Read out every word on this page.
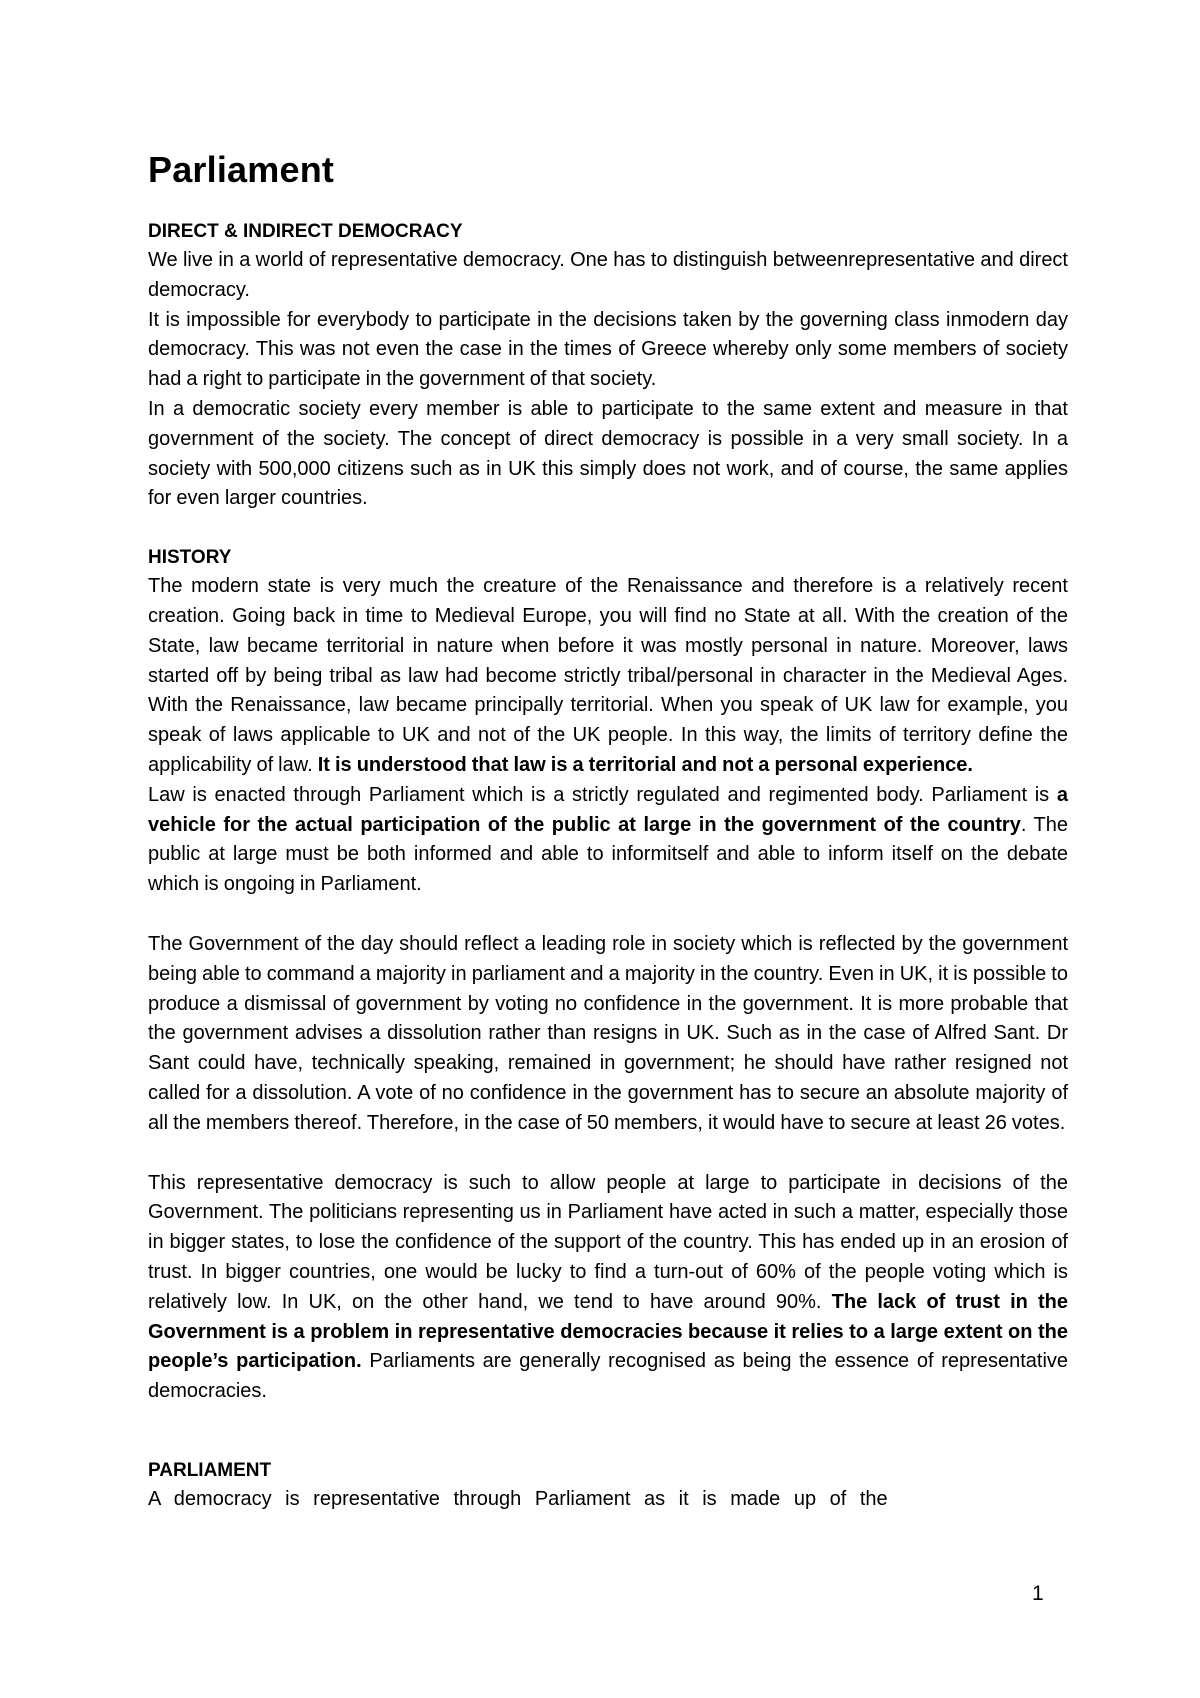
Parliament

DIRECT & INDIRECT DEMOCRACY

We live in a world of representative democracy. One has to distinguish betweenrepresentative and direct democracy.

It is impossible for everybody to participate in the decisions taken by the governing class inmodern day democracy. This was not even the case in the times of Greece whereby only some members of society had a right to participate in the government of that society.

In a democratic society every member is able to participate to the same extent and measure in that government of the society. The concept of direct democracy is possible in a very small society. In a society with 500,000 citizens such as in UK this simply does not work, and of course, the same applies for even larger countries.

HISTORY

The modern state is very much the creature of the Renaissance and therefore is a relatively recent creation. Going back in time to Medieval Europe, you will find no State at all. With the creation of the State, law became territorial in nature when before it was mostly personal in nature. Moreover, laws started off by being tribal as law had become strictly tribal/personal in character in the Medieval Ages. With the Renaissance, law became principally territorial. When you speak of UK law for example, you speak of laws applicable to UK and not of the UK people. In this way, the limits of territory define the applicability of law. It is understood that law is a territorial and not a personal experience.

Law is enacted through Parliament which is a strictly regulated and regimented body. Parliament is a vehicle for the actual participation of the public at large in the government of the country. The public at large must be both informed and able to informitself and able to inform itself on the debate which is ongoing in Parliament.

The Government of the day should reflect a leading role in society which is reflected by the government being able to command a majority in parliament and a majority in the country. Even in UK, it is possible to produce a dismissal of government by voting no confidence in the government. It is more probable that the government advises a dissolution rather than resigns in UK. Such as in the case of Alfred Sant. Dr Sant could have, technically speaking, remained in government; he should have rather resigned not called for a dissolution. A vote of no confidence in the government has to secure an absolute majority of all the members thereof. Therefore, in the case of 50 members, it would have to secure at least 26 votes.

This representative democracy is such to allow people at large to participate in decisions of the Government. The politicians representing us in Parliament have acted in such a matter, especially those in bigger states, to lose the confidence of the support of the country. This has ended up in an erosion of trust. In bigger countries, one would be lucky to find a turn-out of 60% of the people voting which is relatively low. In UK, on the other hand, we tend to have around 90%. The lack of trust in the Government is a problem in representative democracies because it relies to a large extent on the people’s participation. Parliaments are generally recognised as being the essence of representative democracies.

PARLIAMENT

A democracy is representative through Parliament as it is made up of the

1
